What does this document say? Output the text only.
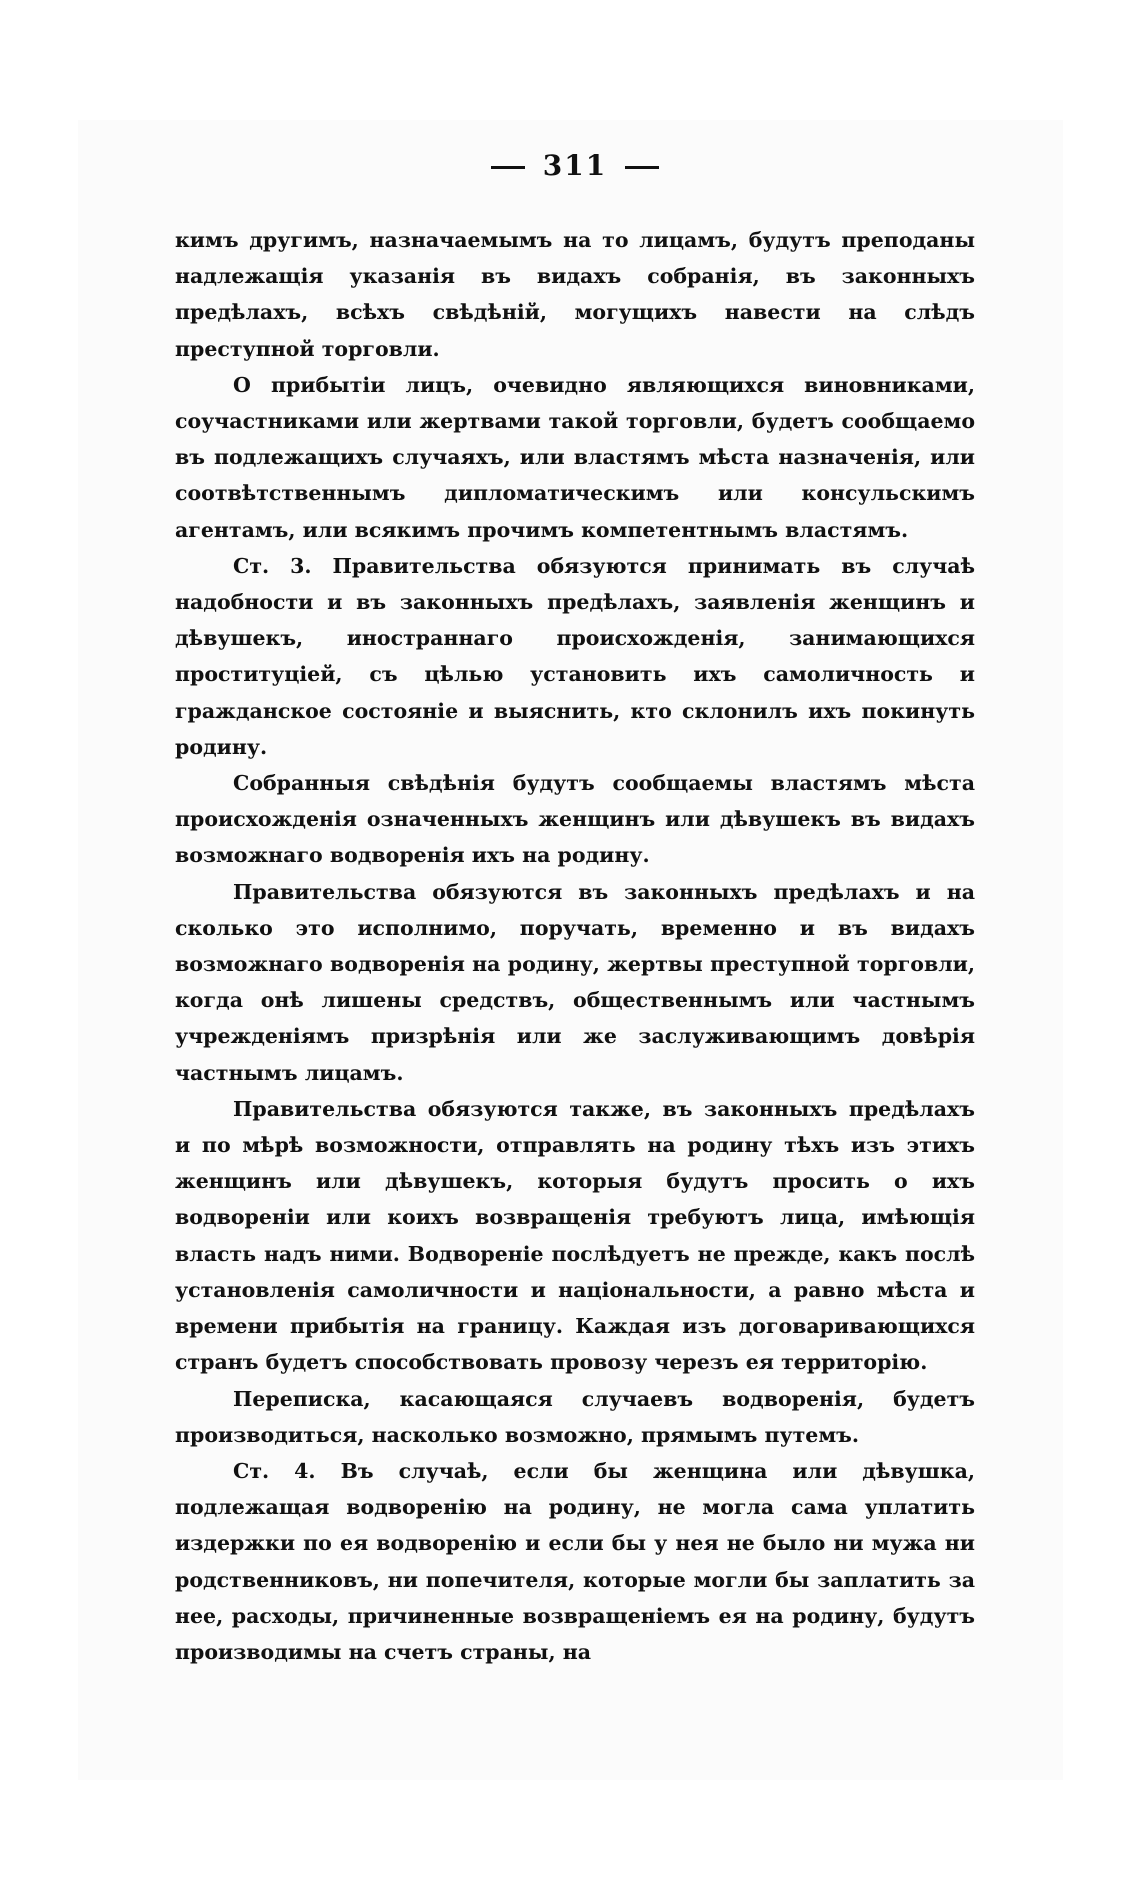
311

кимъ другимъ, назначаемымъ на то лицамъ, будутъ преподаны надлежащія указанія въ видахъ собранія, въ законныхъ предѣлахъ, всѣхъ свѣдѣній, могущихъ навести на слѣдъ преступной торговли.

О прибытіи лицъ, очевидно являющихся виновниками, соучастниками или жертвами такой торговли, будетъ сообщаемо въ подлежащихъ случаяхъ, или властямъ мѣста назначенія, или соотвѣтственнымъ дипломатическимъ или консульскимъ агентамъ, или всякимъ прочимъ компетентнымъ властямъ.

Ст. 3. Правительства обязуются принимать въ случаѣ надобности и въ законныхъ предѣлахъ, заявленія женщинъ и дѣвушекъ, иностраннаго происхожденія, занимающихся проституціей, съ цѣлью установить ихъ самоличность и гражданское состояніе и выяснить, кто склонилъ ихъ покинуть родину.

Собранныя свѣдѣнія будутъ сообщаемы властямъ мѣста происхожденія означенныхъ женщинъ или дѣвушекъ въ видахъ возможнаго водворенія ихъ на родину.

Правительства обязуются въ законныхъ предѣлахъ и на сколько это исполнимо, поручать, временно и въ видахъ возможнаго водворенія на родину, жертвы преступной торговли, когда онѣ лишены средствъ, общественнымъ или частнымъ учрежденіямъ призрѣнія или же заслуживающимъ довѣрія частнымъ лицамъ.

Правительства обязуются также, въ законныхъ предѣлахъ и по мѣрѣ возможности, отправлять на родину тѣхъ изъ этихъ женщинъ или дѣвушекъ, которыя будутъ просить о ихъ водвореніи или коихъ возвращенія требуютъ лица, имѣющія власть надъ ними. Водвореніе послѣдуетъ не прежде, какъ послѣ установленія самоличности и національности, а равно мѣста и времени прибытія на границу. Каждая изъ договаривающихся странъ будетъ способствовать провозу черезъ ея территорію.

Переписка, касающаяся случаевъ водворенія, будетъ производиться, насколько возможно, прямымъ путемъ.

Ст. 4. Въ случаѣ, если бы женщина или дѣвушка, подлежащая водворенію на родину, не могла сама уплатить издержки по ея водворенію и если бы у нея не было ни мужа ни родственниковъ, ни попечителя, которые могли бы заплатить за нее, расходы, причиненные возвращеніемъ ея на родину, будутъ производимы на счетъ страны, на
